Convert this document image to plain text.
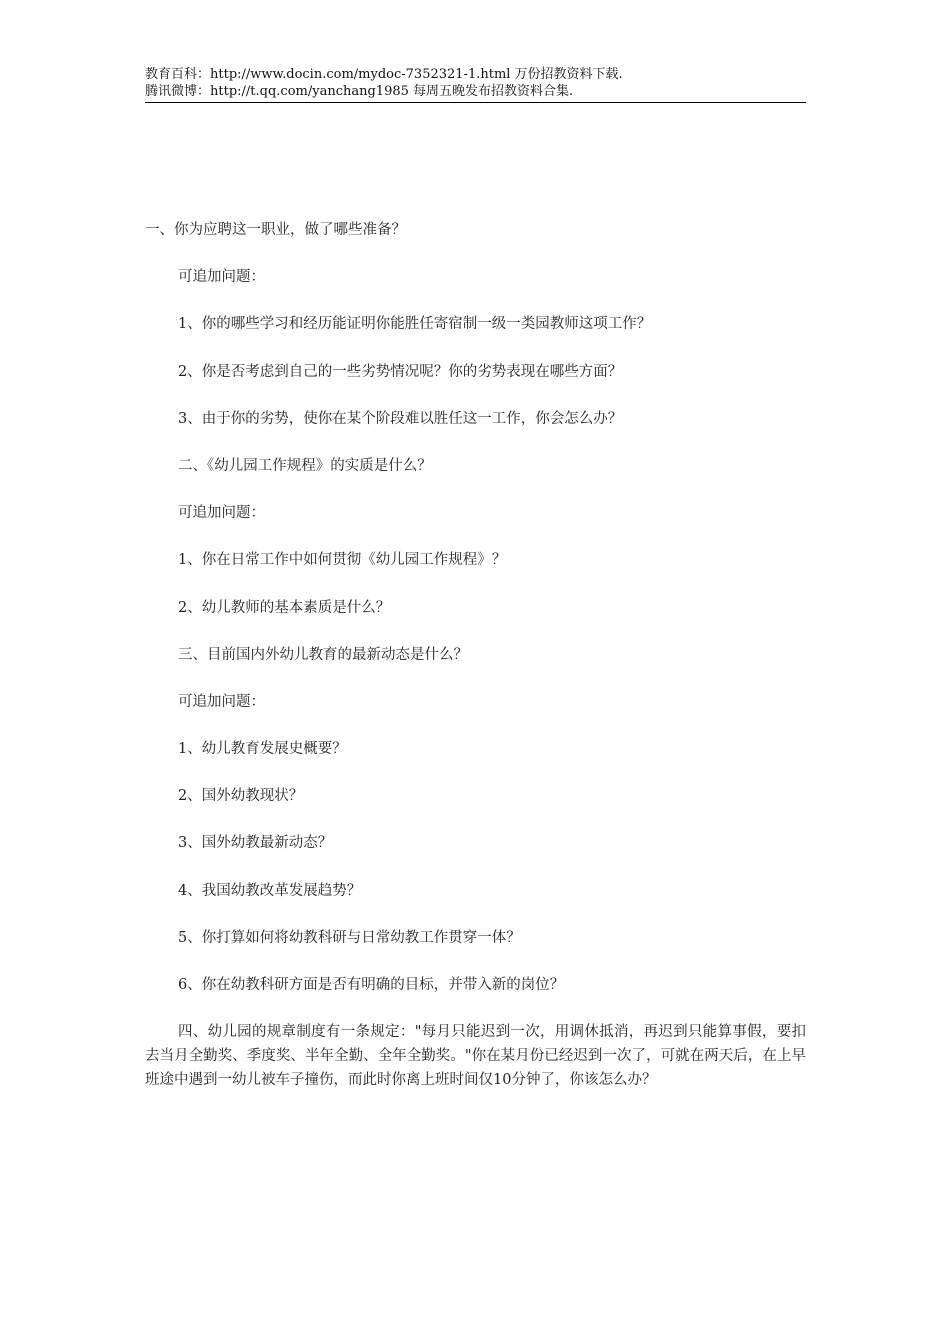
教育百科：http://www.docin.com/mydoc-7352321-1.html 万份招教资料下载.
腾讯微博：http://t.qq.com/yanchang1985 每周五晚发布招教资料合集.
一、你为应聘这一职业，做了哪些准备？
可追加问题：
1、你的哪些学习和经历能证明你能胜任寄宿制一级一类园教师这项工作？
2、你是否考虑到自己的一些劣势情况呢？你的劣势表现在哪些方面？
3、由于你的劣势，使你在某个阶段难以胜任这一工作，你会怎么办？
二、《幼儿园工作规程》的实质是什么？
可追加问题：
1、你在日常工作中如何贯彻《幼儿园工作规程》？
2、幼儿教师的基本素质是什么？
三、目前国内外幼儿教育的最新动态是什么？
可追加问题：
1、幼儿教育发展史概要？
2、国外幼教现状？
3、国外幼教最新动态？
4、我国幼教改革发展趋势？
5、你打算如何将幼教科研与日常幼教工作贯穿一体？
6、你在幼教科研方面是否有明确的目标，并带入新的岗位？

四、幼儿园的规章制度有一条规定："每月只能迟到一次，用调休抵消，再迟到只能算事假，要扣去当月全勤奖、季度奖、半年全勤、全年全勤奖。"你在某月份已经迟到一次了，可就在两天后，在上早班途中遇到一幼儿被车子撞伤，而此时你离上班时间仅10分钟了，你该怎么办？
